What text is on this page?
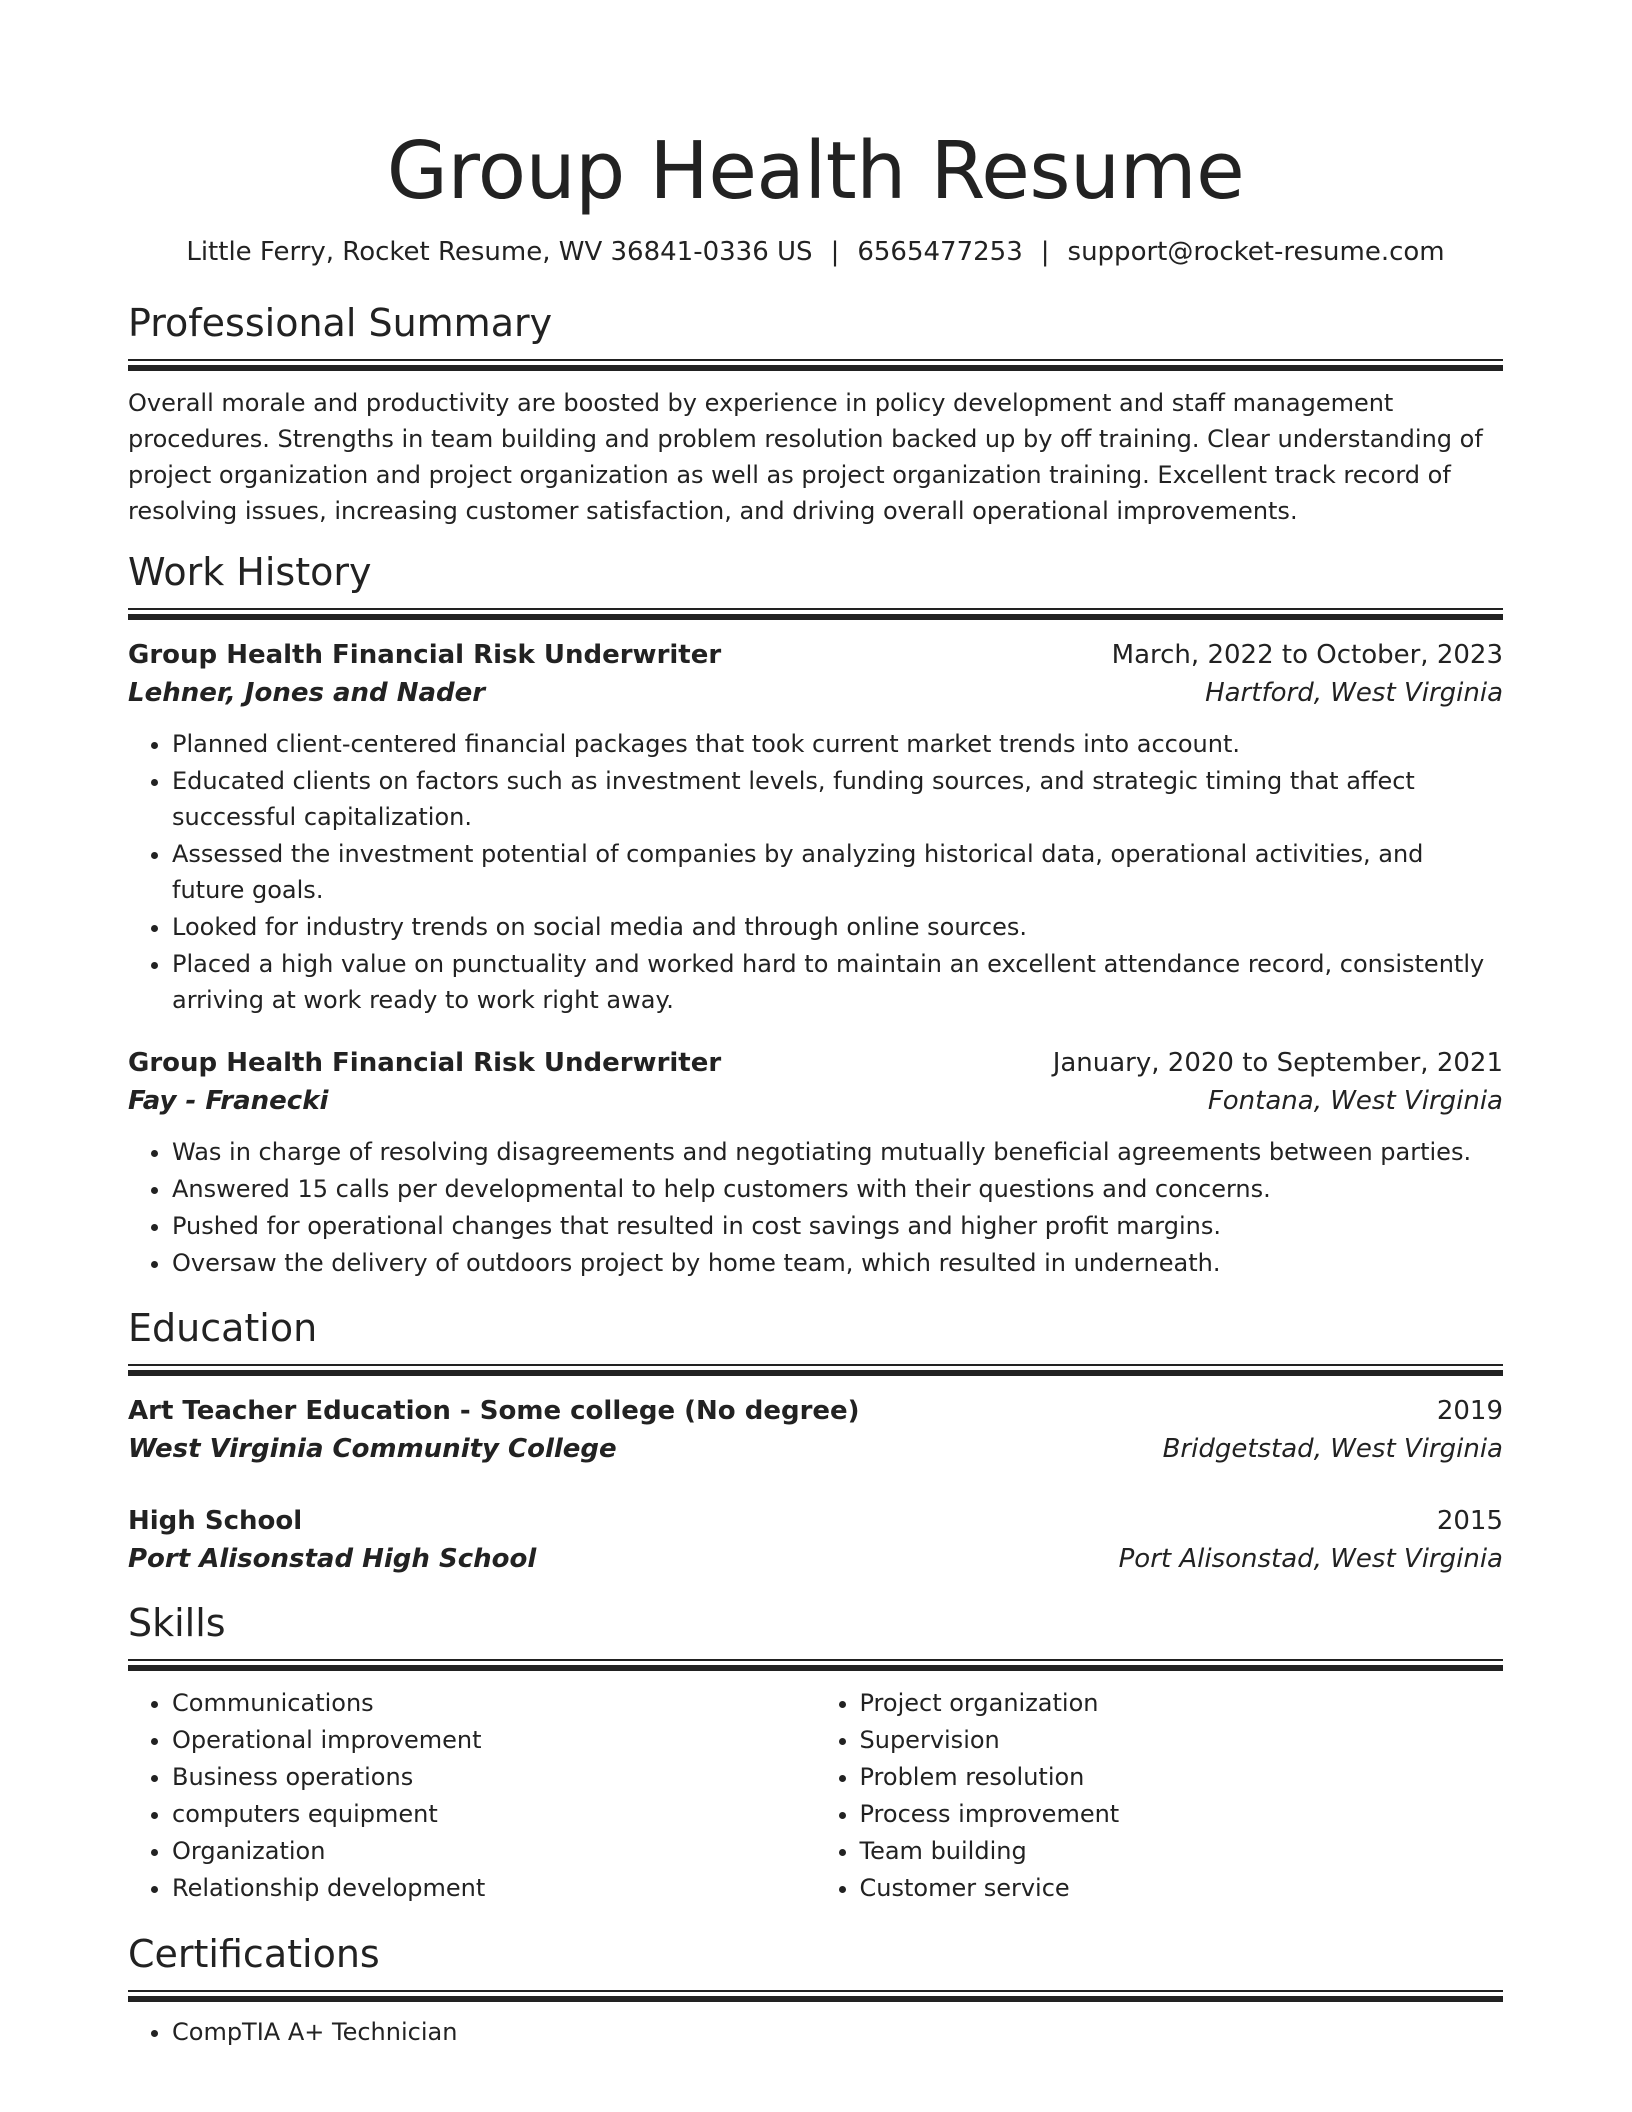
Group Health Resume
Little Ferry, Rocket Resume, WV 36841-0336 US | 6565477253 | support@rocket-resume.com
Professional Summary

Overall morale and productivity are boosted by experience in policy development and staff management procedures. Strengths in team building and problem resolution backed up by off training. Clear understanding of project organization and project organization as well as project organization training. Excellent track record of resolving issues, increasing customer satisfaction, and driving overall operational improvements.

Work History
Group Health Financial Risk Underwriter	March, 2022 to October, 2023
Lehner, Jones and Nader	Hartford, West Virginia
• Planned client-centered financial packages that took current market trends into account.
• Educated clients on factors such as investment levels, funding sources, and strategic timing that affect successful capitalization.
• Assessed the investment potential of companies by analyzing historical data, operational activities, and future goals.
• Looked for industry trends on social media and through online sources.
• Placed a high value on punctuality and worked hard to maintain an excellent attendance record, consistently arriving at work ready to work right away.
Group Health Financial Risk Underwriter	January, 2020 to September, 2021
Fay - Franecki	Fontana, West Virginia
• Was in charge of resolving disagreements and negotiating mutually beneficial agreements between parties.
• Answered 15 calls per developmental to help customers with their questions and concerns.
• Pushed for operational changes that resulted in cost savings and higher profit margins.
• Oversaw the delivery of outdoors project by home team, which resulted in underneath.
Education
Art Teacher Education - Some college (No degree)	2019
West Virginia Community College	Bridgetstad, West Virginia
High School	2015
Port Alisonstad High School	Port Alisonstad, West Virginia
Skills
• Communications
• Operational improvement
• Business operations
• computers equipment
• Organization
• Relationship development
• Project organization
• Supervision
• Problem resolution
• Process improvement
• Team building
• Customer service
Certifications
• CompTIA A+ Technician
